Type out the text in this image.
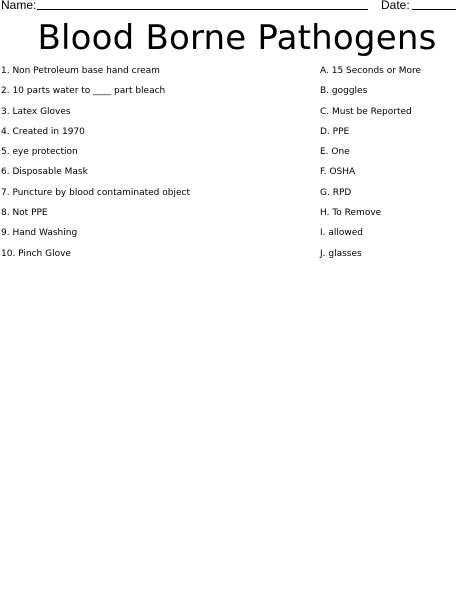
Name:	Date:
Blood Borne Pathogens
1. Non Petroleum base hand cream
2. 10 parts water to ____ part bleach
3. Latex Gloves
4. Created in 1970
5. eye protection
6. Disposable Mask
7. Puncture by blood contaminated object
8. Not PPE
9. Hand Washing
10. Pinch Glove
A. 15 Seconds or More
B. goggles
C. Must be Reported
D. PPE
E. One
F. OSHA
G. RPD
H. To Remove
I. allowed
J. glasses
